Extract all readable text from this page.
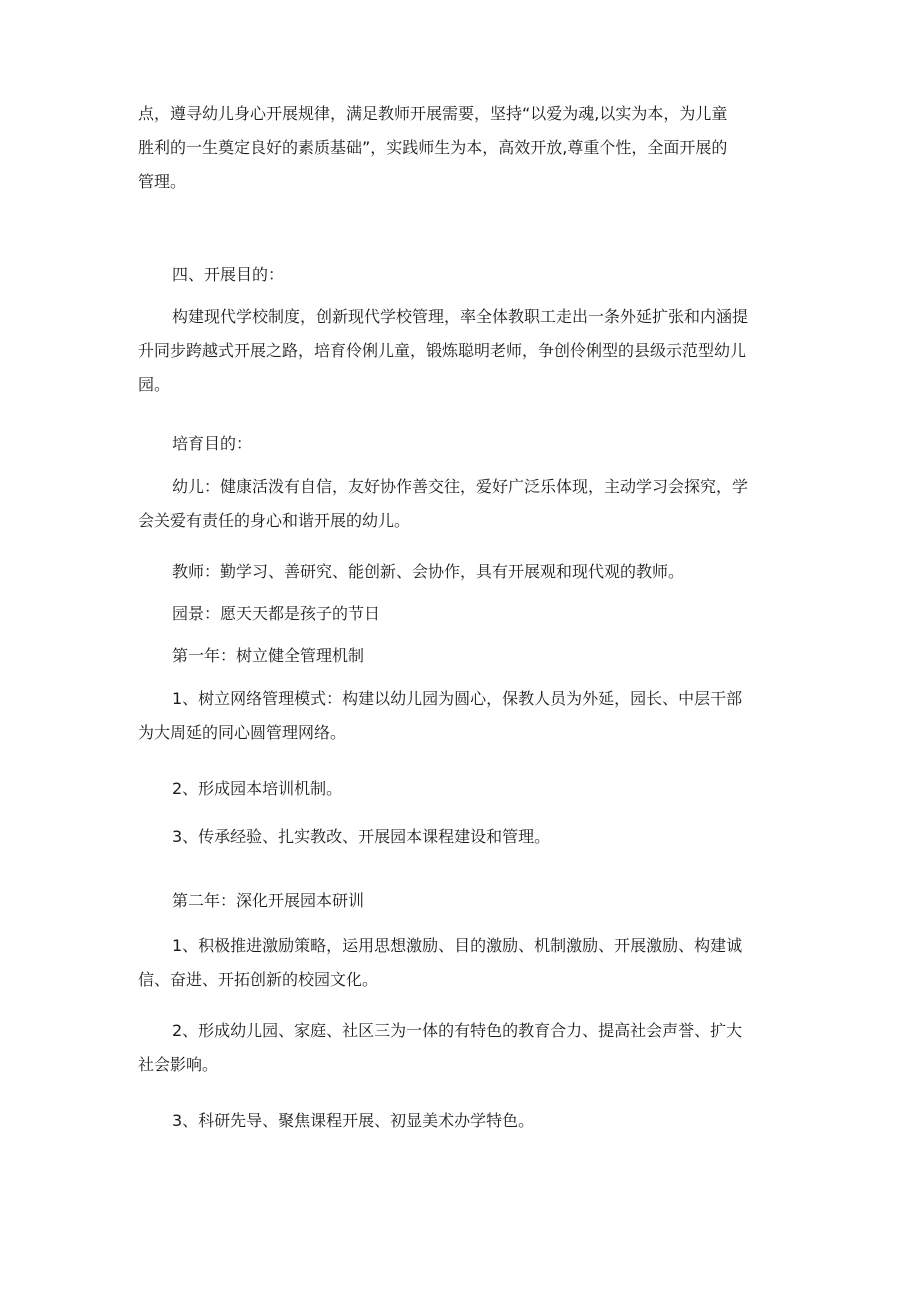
点，遵寻幼儿身心开展规律，满足教师开展需要，坚持“以爱为魂,以实为本，为儿童
胜利的一生奠定良好的素质基础”，实践师生为本，高效开放,尊重个性，全面开展的
管理。
四、开展目的：
构建现代学校制度，创新现代学校管理，率全体教职工走出一条外延扩张和内涵提
升同步跨越式开展之路，培育伶俐儿童，锻炼聪明老师，争创伶俐型的县级示范型幼儿
园。
培育目的：
幼儿：健康活泼有自信，友好协作善交往，爱好广泛乐体现，主动学习会探究，学
会关爱有责任的身心和谐开展的幼儿。
教师：勤学习、善研究、能创新、会协作，具有开展观和现代观的教师。
园景：愿天天都是孩子的节日
第一年：树立健全管理机制
1、树立网络管理模式：构建以幼儿园为圆心，保教人员为外延，园长、中层干部
为大周延的同心圆管理网络。
2、形成园本培训机制。
3、传承经验、扎实教改、开展园本课程建设和管理。
第二年：深化开展园本研训
1、积极推进激励策略，运用思想激励、目的激励、机制激励、开展激励、构建诚
信、奋进、开拓创新的校园文化。
2、形成幼儿园、家庭、社区三为一体的有特色的教育合力、提高社会声誉、扩大
社会影响。
3、科研先导、聚焦课程开展、初显美术办学特色。
